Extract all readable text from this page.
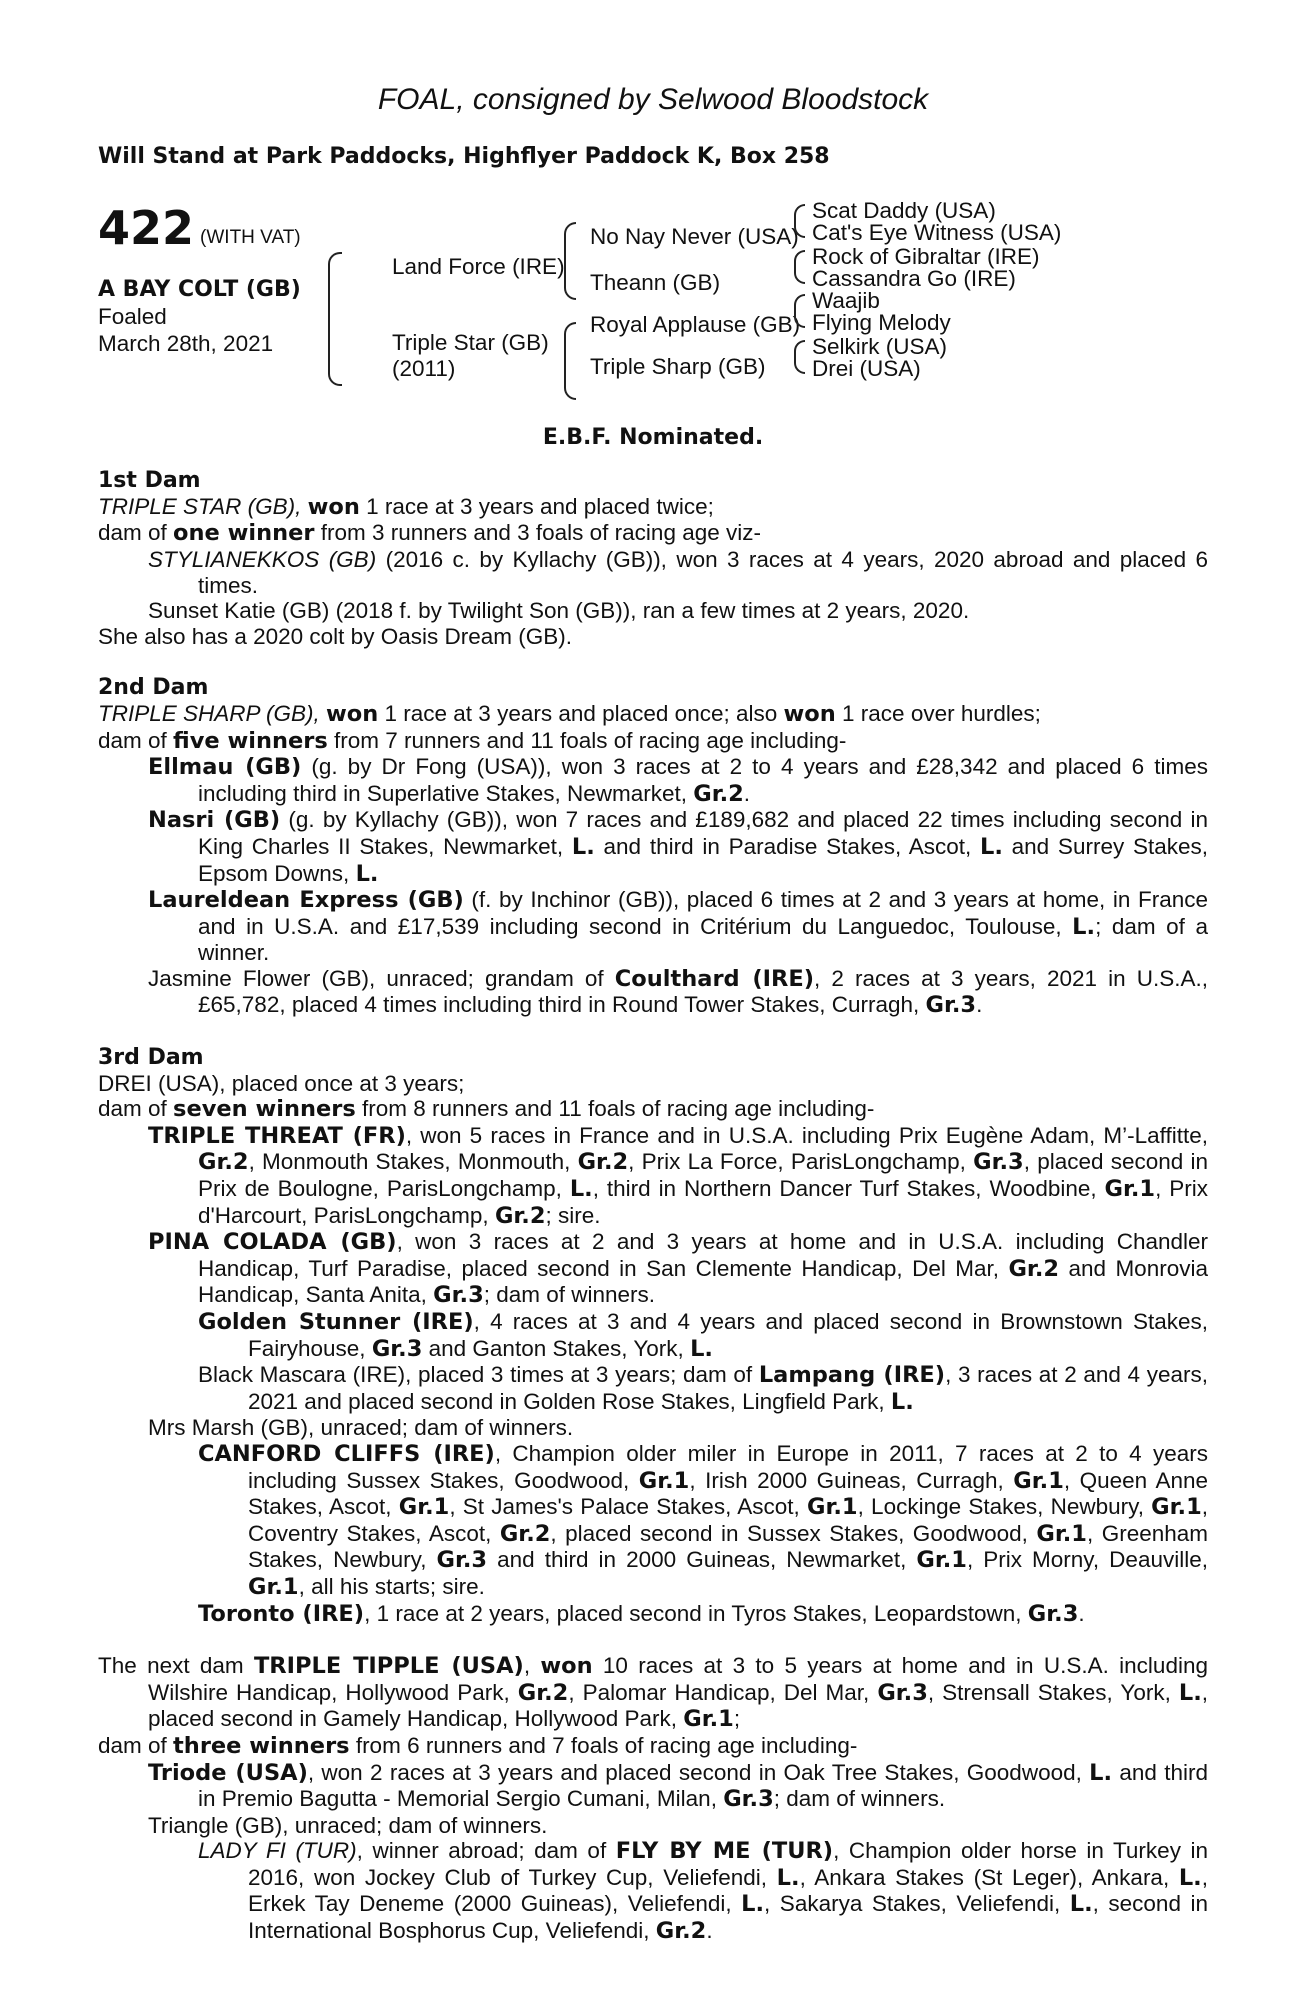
FOAL, consigned by Selwood Bloodstock
Will Stand at Park Paddocks, Highflyer Paddock K, Box 258
422 (WITH VAT)
A BAY COLT (GB)
Foaled
March 28th, 2021
Land Force (IRE)
Triple Star (GB)
(2011)
No Nay Never (USA)
Theann (GB)
Royal Applause (GB)
Triple Sharp (GB)
Scat Daddy (USA)
Cat's Eye Witness (USA)
Rock of Gibraltar (IRE)
Cassandra Go (IRE)
Waajib
Flying Melody
Selkirk (USA)
Drei (USA)
E.B.F. Nominated.
1st Dam

TRIPLE STAR (GB), won 1 race at 3 years and placed twice;

dam of one winner from 3 runners and 3 foals of racing age viz-

STYLIANEKKOS (GB) (2016 c. by Kyllachy (GB)), won 3 races at 4 years, 2020 abroad and placed 6 times.

Sunset Katie (GB) (2018 f. by Twilight Son (GB)), ran a few times at 2 years, 2020.

She also has a 2020 colt by Oasis Dream (GB).

2nd Dam

TRIPLE SHARP (GB), won 1 race at 3 years and placed once; also won 1 race over hurdles;

dam of five winners from 7 runners and 11 foals of racing age including-

Ellmau (GB) (g. by Dr Fong (USA)), won 3 races at 2 to 4 years and £28,342 and placed 6 times including third in Superlative Stakes, Newmarket, Gr.2.

Nasri (GB) (g. by Kyllachy (GB)), won 7 races and £189,682 and placed 22 times including second in King Charles II Stakes, Newmarket, L. and third in Paradise Stakes, Ascot, L. and Surrey Stakes, Epsom Downs, L.

Laureldean Express (GB) (f. by Inchinor (GB)), placed 6 times at 2 and 3 years at home, in France and in U.S.A. and £17,539 including second in Critérium du Languedoc, Toulouse, L.; dam of a winner.

Jasmine Flower (GB), unraced; grandam of Coulthard (IRE), 2 races at 3 years, 2021 in U.S.A., £65,782, placed 4 times including third in Round Tower Stakes, Curragh, Gr.3.

3rd Dam

DREI (USA), placed once at 3 years;

dam of seven winners from 8 runners and 11 foals of racing age including-

TRIPLE THREAT (FR), won 5 races in France and in U.S.A. including Prix Eugène Adam, M’-Laffitte, Gr.2, Monmouth Stakes, Monmouth, Gr.2, Prix La Force, ParisLongchamp, Gr.3, placed second in Prix de Boulogne, ParisLongchamp, L., third in Northern Dancer Turf Stakes, Woodbine, Gr.1, Prix d'Harcourt, ParisLongchamp, Gr.2; sire.

PINA COLADA (GB), won 3 races at 2 and 3 years at home and in U.S.A. including Chandler Handicap, Turf Paradise, placed second in San Clemente Handicap, Del Mar, Gr.2 and Monrovia Handicap, Santa Anita, Gr.3; dam of winners.

Golden Stunner (IRE), 4 races at 3 and 4 years and placed second in Brownstown Stakes, Fairyhouse, Gr.3 and Ganton Stakes, York, L.

Black Mascara (IRE), placed 3 times at 3 years; dam of Lampang (IRE), 3 races at 2 and 4 years, 2021 and placed second in Golden Rose Stakes, Lingfield Park, L.

Mrs Marsh (GB), unraced; dam of winners.

CANFORD CLIFFS (IRE), Champion older miler in Europe in 2011, 7 races at 2 to 4 years including Sussex Stakes, Goodwood, Gr.1, Irish 2000 Guineas, Curragh, Gr.1, Queen Anne Stakes, Ascot, Gr.1, St James's Palace Stakes, Ascot, Gr.1, Lockinge Stakes, Newbury, Gr.1, Coventry Stakes, Ascot, Gr.2, placed second in Sussex Stakes, Goodwood, Gr.1, Greenham Stakes, Newbury, Gr.3 and third in 2000 Guineas, Newmarket, Gr.1, Prix Morny, Deauville, Gr.1, all his starts; sire.

Toronto (IRE), 1 race at 2 years, placed second in Tyros Stakes, Leopardstown, Gr.3.

The next dam TRIPLE TIPPLE (USA), won 10 races at 3 to 5 years at home and in U.S.A. including Wilshire Handicap, Hollywood Park, Gr.2, Palomar Handicap, Del Mar, Gr.3, Strensall Stakes, York, L., placed second in Gamely Handicap, Hollywood Park, Gr.1;

dam of three winners from 6 runners and 7 foals of racing age including-

Triode (USA), won 2 races at 3 years and placed second in Oak Tree Stakes, Goodwood, L. and third in Premio Bagutta - Memorial Sergio Cumani, Milan, Gr.3; dam of winners.

Triangle (GB), unraced; dam of winners.

LADY FI (TUR), winner abroad; dam of FLY BY ME (TUR), Champion older horse in Turkey in 2016, won Jockey Club of Turkey Cup, Veliefendi, L., Ankara Stakes (St Leger), Ankara, L., Erkek Tay Deneme (2000 Guineas), Veliefendi, L., Sakarya Stakes, Veliefendi, L., second in International Bosphorus Cup, Veliefendi, Gr.2.
